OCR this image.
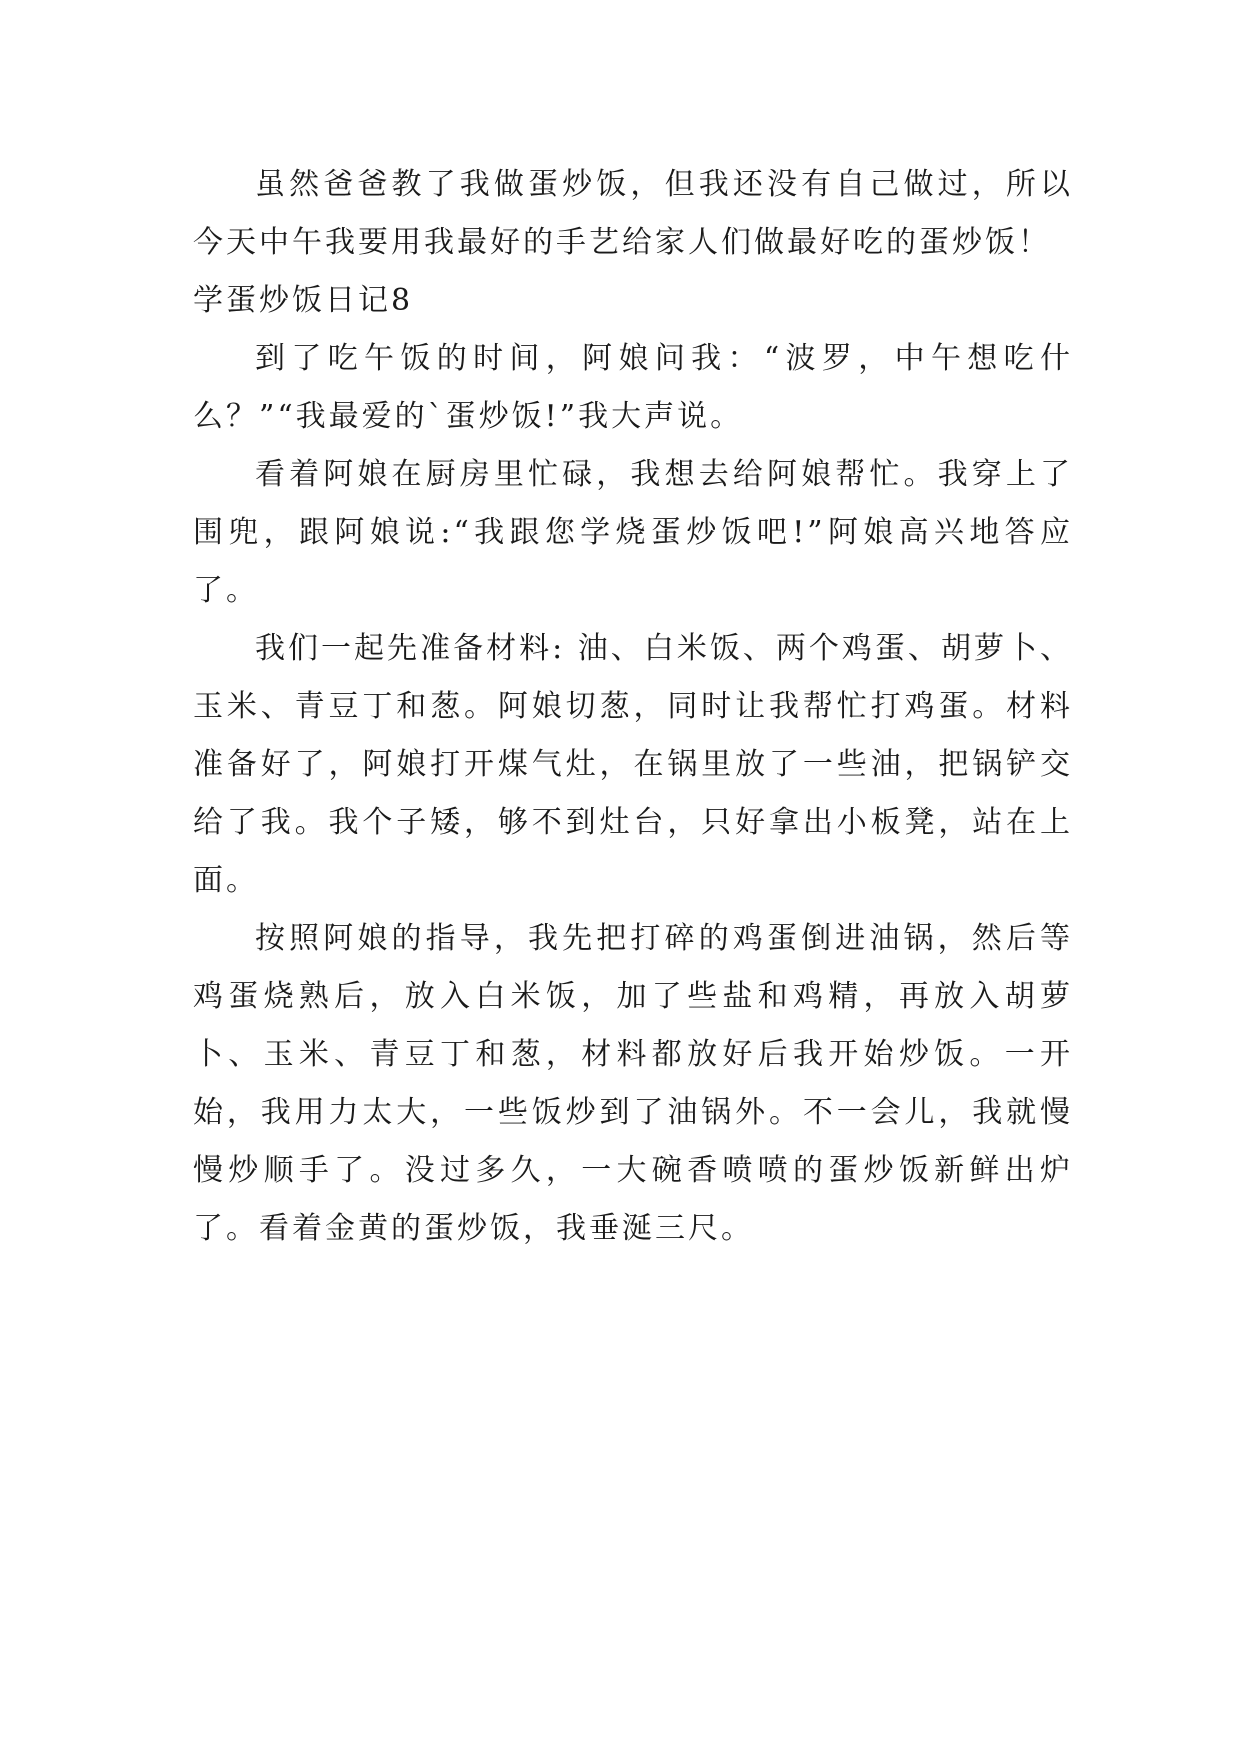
虽然爸爸教了我做蛋炒饭，但我还没有自己做过，所以今天中午我要用我最好的手艺给家人们做最好吃的蛋炒饭！

学蛋炒饭日记8

到了吃午饭的时间，阿娘问我：“波罗，中午想吃什么？”“我最爱的`蛋炒饭!”我大声说。

看着阿娘在厨房里忙碌，我想去给阿娘帮忙。我穿上了围兜，跟阿娘说:“我跟您学烧蛋炒饭吧!”阿娘高兴地答应了。

我们一起先准备材料: 油、白米饭、两个鸡蛋、胡萝卜、玉米、青豆丁和葱。阿娘切葱，同时让我帮忙打鸡蛋。材料准备好了，阿娘打开煤气灶，在锅里放了一些油，把锅铲交给了我。我个子矮，够不到灶台，只好拿出小板凳，站在上面。

按照阿娘的指导，我先把打碎的鸡蛋倒进油锅，然后等鸡蛋烧熟后，放入白米饭，加了些盐和鸡精，再放入胡萝卜、玉米、青豆丁和葱，材料都放好后我开始炒饭。一开始，我用力太大，一些饭炒到了油锅外。不一会儿，我就慢慢炒顺手了。没过多久，一大碗香喷喷的蛋炒饭新鲜出炉了。看着金黄的蛋炒饭，我垂涎三尺。
